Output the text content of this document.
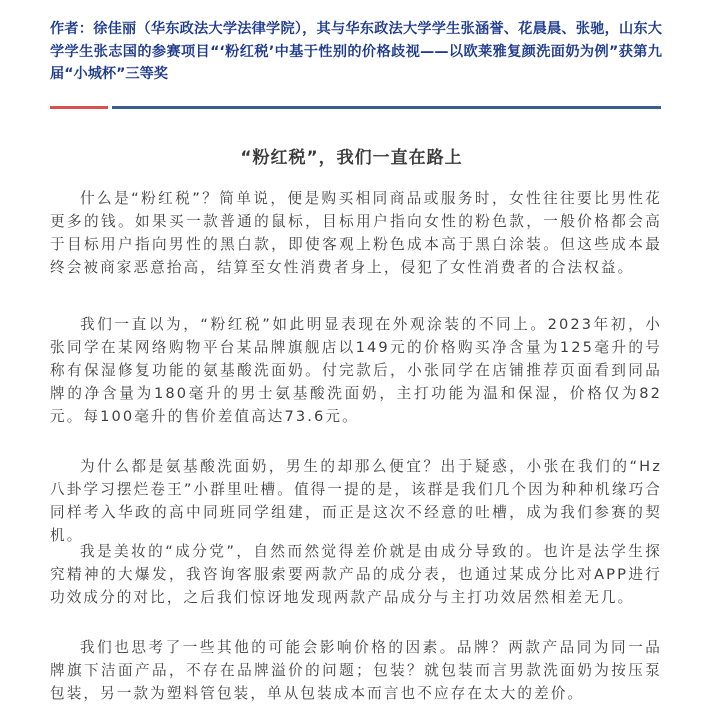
作者：徐佳丽（华东政法大学法律学院），其与华东政法大学学生张涵誉、花晨晨、张驰，山东大学学生张志国的参赛项目“‘粉红税’中基于性别的价格歧视——以欧莱雅复颜洗面奶为例”获第九届“小城杯”三等奖
“粉红税”，我们一直在路上

什么是“粉红税”？简单说，便是购买相同商品或服务时，女性往往要比男性花更多的钱。如果买一款普通的鼠标，目标用户指向女性的粉色款，一般价格都会高于目标用户指向男性的黑白款，即使客观上粉色成本高于黑白涂装。但这些成本最终会被商家恶意抬高，结算至女性消费者身上，侵犯了女性消费者的合法权益。

我们一直以为，“粉红税”如此明显表现在外观涂装的不同上。2023年初，小张同学在某网络购物平台某品牌旗舰店以149元的价格购买净含量为125毫升的号称有保湿修复功能的氨基酸洗面奶。付完款后，小张同学在店铺推荐页面看到同品牌的净含量为180毫升的男士氨基酸洗面奶，主打功能为温和保湿，价格仅为82元。每100毫升的售价差值高达73.6元。

为什么都是氨基酸洗面奶，男生的却那么便宜？出于疑惑，小张在我们的“Hz八卦学习摆烂卷王”小群里吐槽。值得一提的是，该群是我们几个因为种种机缘巧合同样考入华政的高中同班同学组建，而正是这次不经意的吐槽，成为我们参赛的契机。

我是美妆的“成分党”，自然而然觉得差价就是由成分导致的。也许是法学生探究精神的大爆发，我咨询客服索要两款产品的成分表，也通过某成分比对APP进行功效成分的对比，之后我们惊讶地发现两款产品成分与主打功效居然相差无几。

我们也思考了一些其他的可能会影响价格的因素。品牌？两款产品同为同一品牌旗下洁面产品，不存在品牌溢价的问题；包装？就包装而言男款洗面奶为按压泵包装，另一款为塑料管包装，单从包装成本而言也不应存在太大的差价。
